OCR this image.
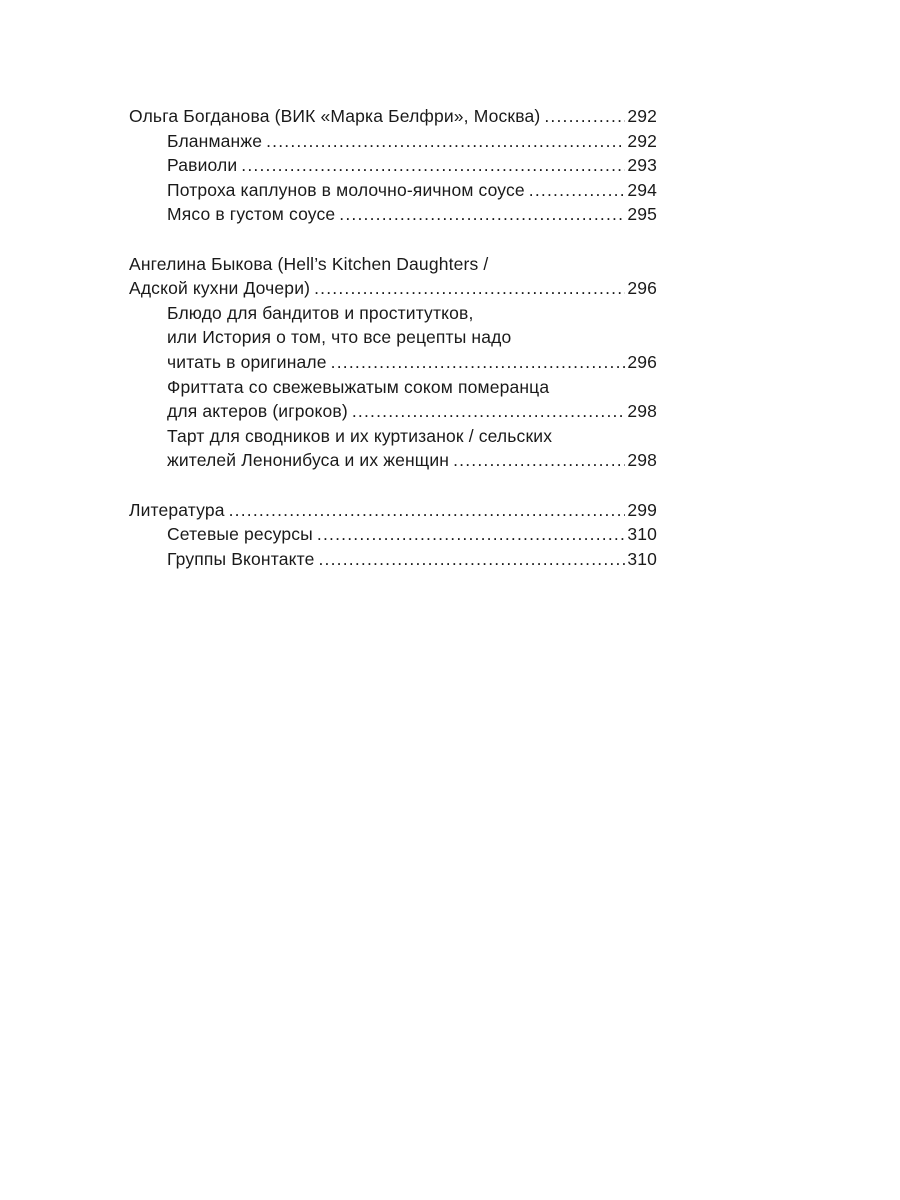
Ольга Богданова (ВИК «Марка Белфри», Москва) .....	292
Бланманже .....	292
Равиоли .....	293
Потроха каплунов в молочно-яичном соусе .....	294
Мясо в густом соусе .....	295
Ангелина Быкова (Hell’s Kitchen Daughters /
Адской кухни Дочери) .....	296
Блюдо для бандитов и проститутков,
или История о том, что все рецепты надо
читать в оригинале .....	296
Фриттата со свежевыжатым соком померанца
для актеров (игроков) .....	298
Тарт для сводников и их куртизанок / сельских
жителей Ленонибуса и их женщин .....	298
Литература .....	299
Сетевые ресурсы .....	310
Группы Вконтакте .....	310
